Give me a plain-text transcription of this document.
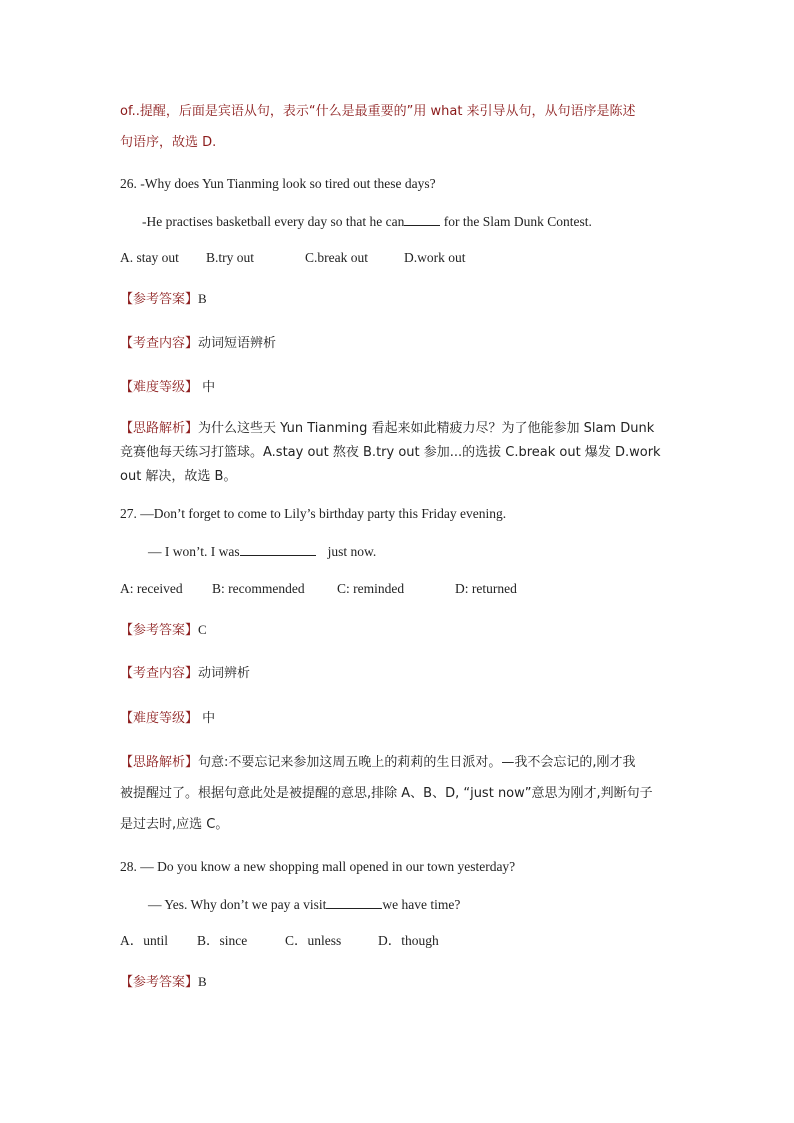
of..提醒，后面是宾语从句，表示“什么是最重要的”用 what 来引导从句，从句语序是陈述
句语序，故选 D.
26. -Why does Yun Tianming look so tired out these days?
-He practises basketball every day so that he can	for the Slam Dunk Contest.
A. stay out B.try out	C.break out	D.work out
【参考答案】B
【考查内容】动词短语辨析
【难度等级】 中
【思路解析】为什么这些天 Yun Tianming 看起来如此精疲力尽？为了他能参加 Slam Dunk
竞赛他每天练习打篮球。A.stay out 熬夜 B.try out 参加...的选拔 C.break out 爆发 D.work
out 解决，故选 B。
27. —Don’t forget to come to Lily’s birthday party this Friday evening.
— I won’t. I was	just now.
A: received B: recommended C: reminded	D: returned
【参考答案】C
【考查内容】动词辨析
【难度等级】 中
【思路解析】句意:不要忘记来参加这周五晚上的莉莉的生日派对。—我不会忘记的,刚才我
被提醒过了。根据句意此处是被提醒的意思,排除 A、B、D, “just now”意思为刚才,判断句子
是过去时,应选 C。
28. — Do you know a new shopping mall opened in our town yesterday?
— Yes. Why don’t we pay a visit	we have time?
A．until B．since	C．unless	D．though
【参考答案】B
